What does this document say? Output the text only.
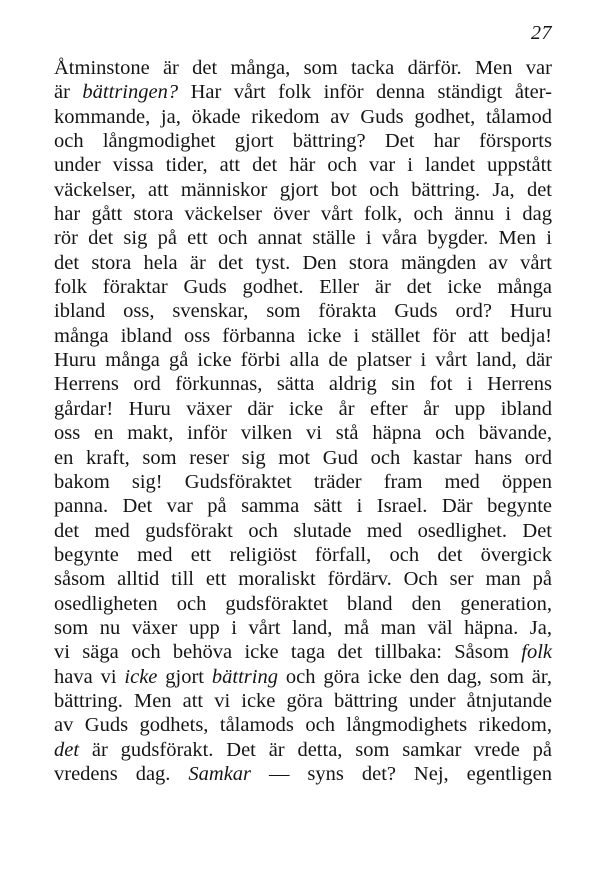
27
Åtminstone är det många, som tacka därför. Men var
är bättringen? Har vårt folk inför denna ständigt åter-
kommande, ja, ökade rikedom av Guds godhet, tålamod
och långmodighet gjort bättring? Det har försports
under vissa tider, att det här och var i landet uppstått
väckelser, att människor gjort bot och bättring. Ja, det
har gått stora väckelser över vårt folk, och ännu i dag
rör det sig på ett och annat ställe i våra bygder. Men i
det stora hela är det tyst. Den stora mängden av vårt
folk föraktar Guds godhet. Eller är det icke många
ibland oss, svenskar, som förakta Guds ord? Huru
många ibland oss förbanna icke i stället för att bedja!
Huru många gå icke förbi alla de platser i vårt land, där
Herrens ord förkunnas, sätta aldrig sin fot i Herrens
gårdar! Huru växer där icke år efter år upp ibland
oss en makt, inför vilken vi stå häpna och bävande,
en kraft, som reser sig mot Gud och kastar hans ord
bakom sig! Gudsföraktet träder fram med öppen
panna. Det var på samma sätt i Israel. Där begynte
det med gudsförakt och slutade med osedlighet. Det
begynte med ett religiöst förfall, och det övergick
såsom alltid till ett moraliskt fördärv. Och ser man på
osedligheten och gudsföraktet bland den generation,
som nu växer upp i vårt land, må man väl häpna. Ja,
vi säga och behöva icke taga det tillbaka: Såsom folk
hava vi icke gjort bättring och göra icke den dag, som är,
bättring. Men att vi icke göra bättring under åtnjutande
av Guds godhets, tålamods och långmodighets rikedom,
det är gudsförakt. Det är detta, som samkar vrede på
vredens dag. Samkar — syns det? Nej, egentligen
